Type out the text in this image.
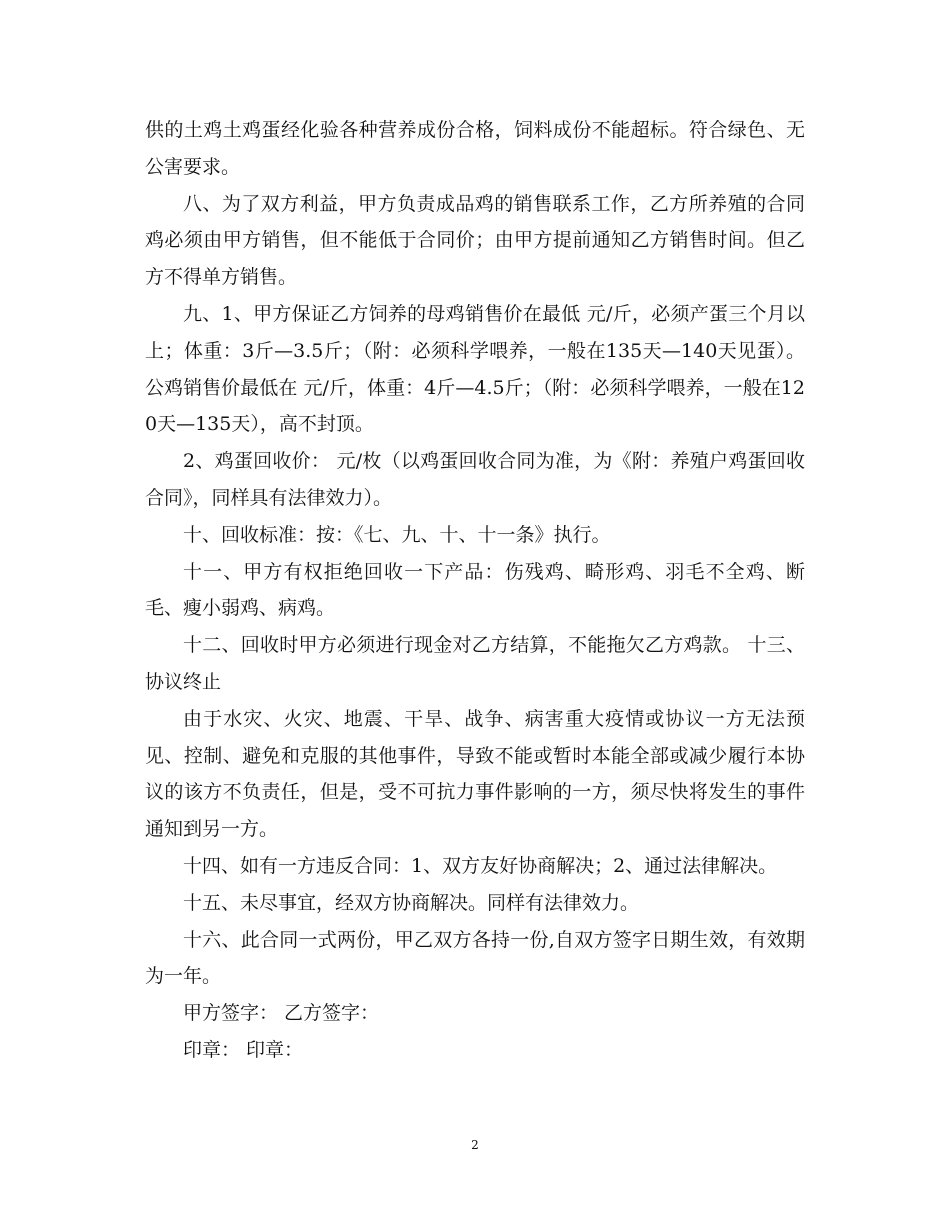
供的土鸡土鸡蛋经化验各种营养成份合格，饲料成份不能超标。符合绿色、无公害要求。

八、为了双方利益，甲方负责成品鸡的销售联系工作，乙方所养殖的合同鸡必须由甲方销售，但不能低于合同价；由甲方提前通知乙方销售时间。但乙方不得单方销售。

九、1、甲方保证乙方饲养的母鸡销售价在最低 元/斤，必须产蛋三个月以上；体重：3斤—3.5斤；（附：必须科学喂养，一般在135天—140天见蛋）。公鸡销售价最低在 元/斤，体重：4斤—4.5斤；（附：必须科学喂养，一般在120天—135天），高不封顶。

2、鸡蛋回收价： 元/枚（以鸡蛋回收合同为准，为《附：养殖户鸡蛋回收合同》，同样具有法律效力）。

十、回收标准：按：《七、九、十、十一条》执行。

十一、甲方有权拒绝回收一下产品：伤残鸡、畸形鸡、羽毛不全鸡、断毛、瘦小弱鸡、病鸡。

十二、回收时甲方必须进行现金对乙方结算，不能拖欠乙方鸡款。 十三、协议终止

由于水灾、火灾、地震、干旱、战争、病害重大疫情或协议一方无法预见、控制、避免和克服的其他事件，导致不能或暂时本能全部或减少履行本协议的该方不负责任，但是，受不可抗力事件影响的一方，须尽快将发生的事件通知到另一方。

十四、如有一方违反合同：1、双方友好协商解决；2、通过法律解决。

十五、未尽事宜，经双方协商解决。同样有法律效力。

十六、此合同一式两份，甲乙双方各持一份,自双方签字日期生效，有效期为一年。

甲方签字： 乙方签字：

印章： 印章：

2
